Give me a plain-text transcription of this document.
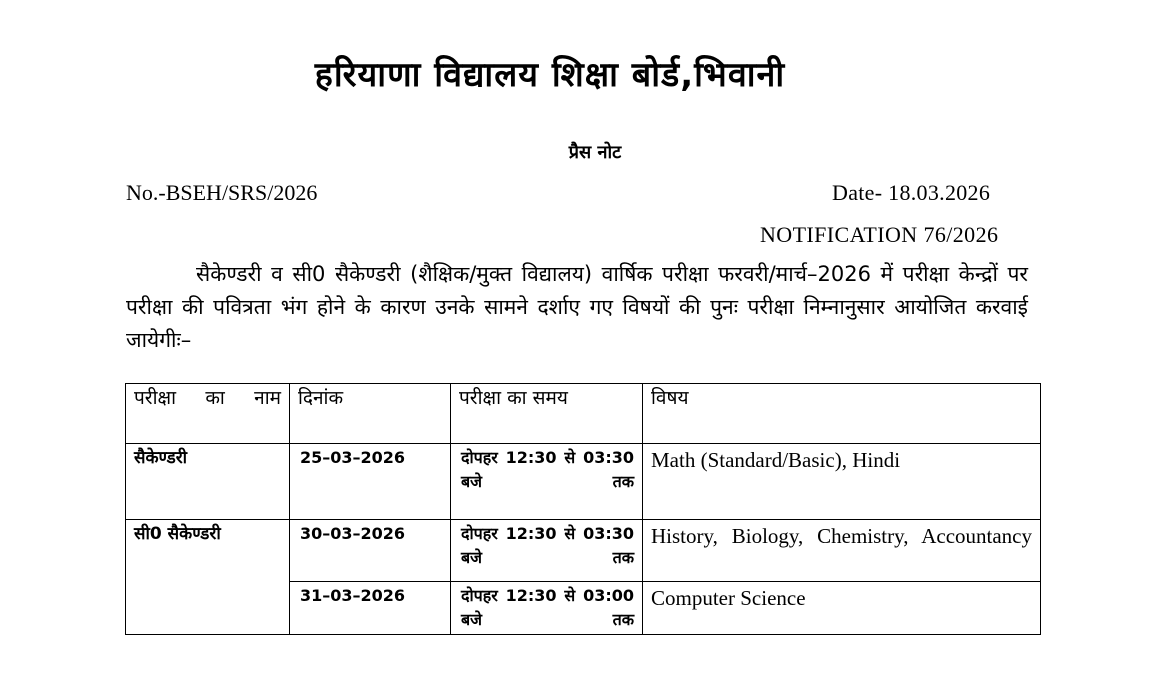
हरियाणा विद्यालय शिक्षा बोर्ड,भिवानी
प्रैस नोट
No.-BSEH/SRS/2026	Date- 18.03.2026
NOTIFICATION 76/2026

सैकेण्डरी व सी0 सैकेण्डरी (शैक्षिक/मुक्त विद्यालय) वार्षिक परीक्षा फरवरी/मार्च–2026 में परीक्षा केन्द्रों पर परीक्षा की पवित्रता भंग होने के कारण उनके सामने दर्शाए गए विषयों की पुनः परीक्षा निम्नानुसार आयोजित करवाई जायेगीः–

परीक्षा का नाम	दिनांक	परीक्षा का समय	विषय
सैकेण्डरी	25–03–2026	दोपहर 12:30 से 03:30 बजे तक	Math (Standard/Basic), Hindi
सी0 सैकेण्डरी	30–03–2026	दोपहर 12:30 से 03:30 बजे तक	History, Biology, Chemistry, Accountancy
	31–03–2026	दोपहर 12:30 से 03:00 बजे तक	Computer Science
